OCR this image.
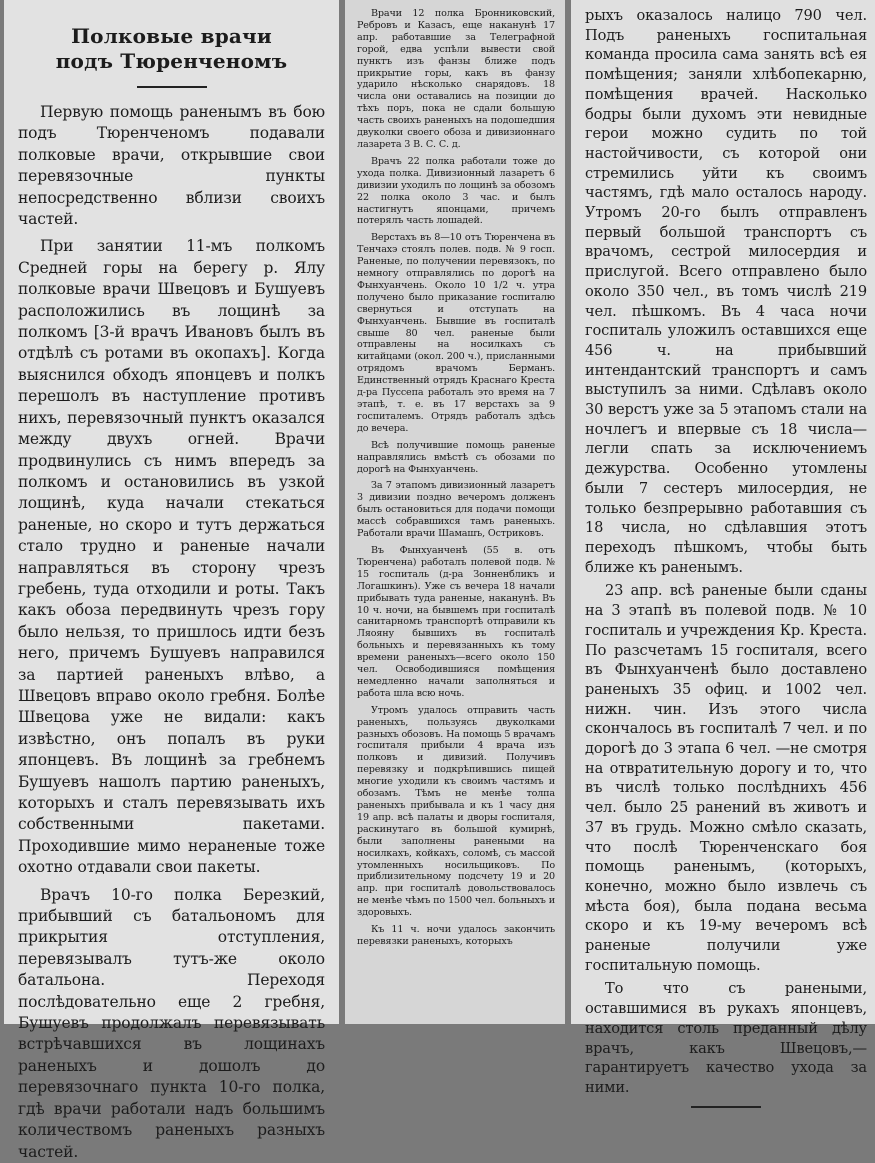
Полковые врачи
подъ Тюренченомъ

Первую помощь раненымъ въ бою подъ Тюренченомъ подавали полковые врачи, открывшие свои перевязочные пункты непосредственно вблизи своихъ частей.

При занятии 11-мъ полкомъ Средней горы на берегу р. Ялу полковые врачи Швецовъ и Бушуевъ расположились въ лощинѣ за полкомъ [3-й врачъ Ивановъ былъ въ отдѣлѣ съ ротами въ окопахъ]. Когда выяснился обходъ японцевъ и полкъ перешолъ въ наступление противъ нихъ, перевязочный пунктъ оказался между двухъ огней. Врачи продвинулись съ нимъ впередъ за полкомъ и остановились въ узкой лощинѣ, куда начали стекаться раненые, но скоро и тутъ держаться стало трудно и раненые начали направляться въ сторону чрезъ гребень, туда отходили и роты. Такъ какъ обоза передвинуть чрезъ гору было нельзя, то пришлось идти безъ него, причемъ Бушуевъ направился за партией раненыхъ влѣво, а Швецовъ вправо около гребня. Болѣе Швецова уже не видали: какъ извѣстно, онъ попалъ въ руки японцевъ. Въ лощинѣ за гребнемъ Бушуевъ нашолъ партию раненыхъ, которыхъ и сталъ перевязывать ихъ собственными пакетами. Проходившие мимо нераненые тоже охотно отдавали свои пакеты.

Врачъ 10-го полка Березкий, прибывший съ батальономъ для прикрытия отступления, перевязывалъ тутъ-же около батальона. Переходя послѣдовательно еще 2 гребня, Бушуевъ продолжалъ перевязывать встрѣчавшихся въ лощинахъ раненыхъ и дошолъ до перевязочнаго пункта 10-го полка, гдѣ врачи работали надъ большимъ количествомъ раненыхъ разныхъ частей.

Врачи 12 полка Бронниковский, Ребровъ и Казасъ, еще наканунѣ 17 апр. работавшие за Телеграфной горой, едва успѣли вывести свой пунктъ изъ фанзы ближе подъ прикрытие горы, какъ въ фанзу ударило нѣсколько снарядовъ. 18 числа они оставались на позиции до тѣхъ поръ, пока не сдали большую часть своихъ раненыхъ на подошедшия двуколки своего обоза и дивизионнаго лазарета 3 В. С. С. д.

Врачъ 22 полка работали тоже до ухода полка. Дивизионный лазаретъ 6 дивизии уходилъ по лощинѣ за обозомъ 22 полка около 3 час. и былъ настигнутъ японцами, причемъ потерялъ часть лошадей.

Верстахъ въ 8—10 отъ Тюренчена въ Тенчахэ стоялъ полев. подв. № 9 госп. Раненые, по получении перевязокъ, по немногу отправлялись по дорогѣ на Фынхуанчень. Около 10 1/2 ч. утра получено было приказание госпиталю свернуться и отступать на Фынхуанчень. Бывшие въ госпиталѣ свыше 80 чел. раненые были отправлены на носилкахъ съ китайцами (окол. 200 ч.), присланными отрядомъ врачомъ Берманъ. Единственный отрядъ Краснаго Креста д-ра Пуссепа работалъ это время на 7 этапѣ, т. е. въ 17 верстахъ за 9 госпиталемъ. Отрядъ работалъ здѣсь до вечера.

Всѣ получившие помощь раненые направлялись вмѣстѣ съ обозами по дорогѣ на Фынхуанчень.

За 7 этапомъ дивизионный лазаретъ 3 дивизии поздно вечеромъ долженъ былъ остановиться для подачи помощи массѣ собравшихся тамъ раненыхъ. Работали врачи Шамашъ, Остриковъ.

Въ Фынхуанченѣ (55 в. отъ Тюренчена) работалъ полевой подв. № 15 госпиталь (д-ра Зонненбликъ и Логашкинъ). Уже съ вечера 18 начали прибывать туда раненые, наканунѣ. Въ 10 ч. ночи, на бывшемъ при госпиталѣ санитарномъ транспортѣ отправили къ Ляояну бывшихъ въ госпиталѣ больныхъ и перевязанныхъ къ тому времени раненыхъ—всего около 150 чел. Освободившияся помѣщения немедленно начали заполняться и работа шла всю ночь.

Утромъ удалось отправить часть раненыхъ, пользуясь двуколками разныхъ обозовъ. На помощь 5 врачамъ госпиталя прибыли 4 врача изъ полковъ и дивизий. Получивъ перевязку и подкрѣпившись пищей многие уходили къ своимъ частямъ и обозамъ. Тѣмъ не менѣе толпа раненыхъ прибывала и къ 1 часу дня 19 апр. всѣ палаты и дворы госпиталя, раскинутаго въ большой кумирнѣ, были заполнены ранеными на носилкахъ, койкахъ, соломѣ, съ массой утомленныхъ носильщиковъ. По приблизительному подсчету 19 и 20 апр. при госпиталѣ довольствовалось не менѣе чѣмъ по 1500 чел. больныхъ и здоровыхъ.

Къ 11 ч. ночи удалось закончить перевязки раненыхъ, которыхъ

рыхъ оказалось налицо 790 чел. Подъ раненыхъ госпитальная команда просила сама занять всѣ ея помѣщения; заняли хлѣбопекарню, помѣщения врачей. Насколько бодры были духомъ эти невидные герои можно судить по той настойчивости, съ которой они стремились уйти къ своимъ частямъ, гдѣ мало осталось народу. Утромъ 20-го былъ отправленъ первый большой транспортъ съ врачомъ, сестрой милосердия и прислугой. Всего отправлено было около 350 чел., въ томъ числѣ 219 чел. пѣшкомъ. Въ 4 часа ночи госпиталь уложилъ оставшихся еще 456 ч. на прибывший интендантский транспортъ и самъ выступилъ за ними. Сдѣлавъ около 30 верстъ уже за 5 этапомъ стали на ночлегъ и впервые съ 18 числа—легли спать за исключениемъ дежурства. Особенно утомлены были 7 сестеръ милосердия, не только безпрерывно работавшия съ 18 числа, но сдѣлавшия этотъ переходъ пѣшкомъ, чтобы быть ближе къ раненымъ.

23 апр. всѣ раненые были сданы на 3 этапѣ въ полевой подв. № 10 госпиталь и учреждения Кр. Креста. По разсчетамъ 15 госпиталя, всего въ Фынхуанченѣ было доставлено раненыхъ 35 офиц. и 1002 чел. нижн. чин. Изъ этого числа скончалось въ госпиталѣ 7 чел. и по дорогѣ до 3 этапа 6 чел. —не смотря на отвратительную дорогу и то, что въ числѣ только послѣднихъ 456 чел. было 25 ранений въ животъ и 37 въ грудь. Можно смѣло сказать, что послѣ Тюренченскаго боя помощь раненымъ, (которыхъ, конечно, можно было извлечь съ мѣста боя), была подана весьма скоро и къ 19-му вечеромъ всѣ раненые получили уже госпитальную помощь.

То что съ ранеными, оставшимися въ рукахъ японцевъ, находится столь преданный дѣлу врачъ, какъ Швецовъ,—гарантируетъ качество ухода за ними.
